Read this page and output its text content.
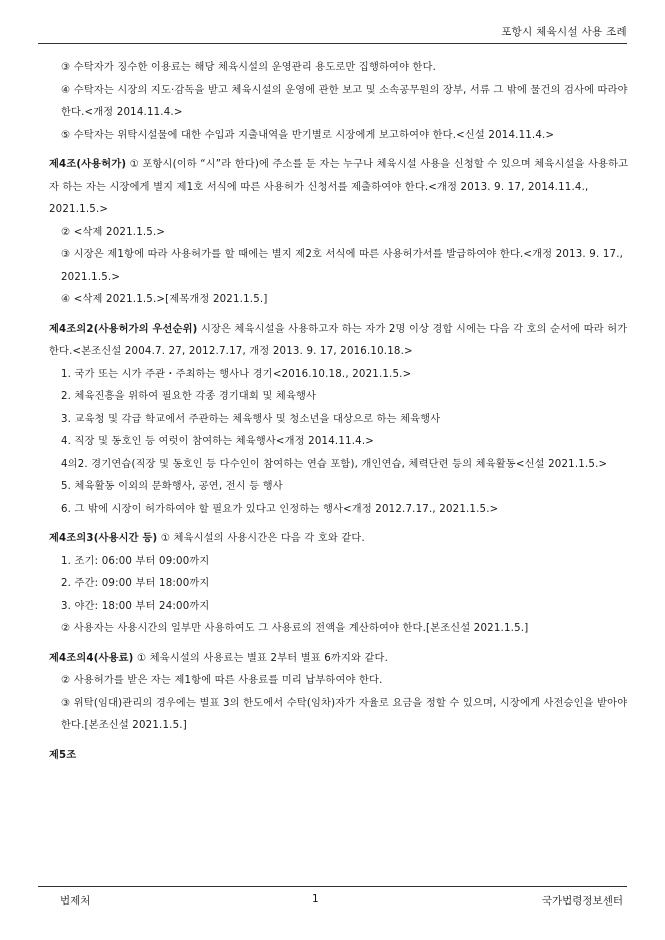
포항시 체육시설 사용 조례

③ 수탁자가 징수한 이용료는 해당 체육시설의 운영관리 용도로만 집행하여야 한다.

④ 수탁자는 시장의 지도·감독을 받고 체육시설의 운영에 관한 보고 및 소속공무원의 장부, 서류 그 밖에 물건의 검사에 따라야 한다.<개정 2014.11.4.>

⑤ 수탁자는 위탁시설물에 대한 수입과 지출내역을 반기별로 시장에게 보고하여야 한다.<신설 2014.11.4.>

제4조(사용허가) ① 포항시(이하 “시”라 한다)에 주소를 둔 자는 누구나 체육시설 사용을 신청할 수 있으며 체육시설을 사용하고자 하는 자는 시장에게 별지 제1호 서식에 따른 사용허가 신청서를 제출하여야 한다.<개정 2013. 9. 17, 2014.11.4., 2021.1.5.>

② <삭제 2021.1.5.>

③ 시장은 제1항에 따라 사용허가를 할 때에는 별지 제2호 서식에 따른 사용허가서를 발급하여야 한다.<개정 2013. 9. 17., 2021.1.5.>

④ <삭제 2021.1.5.>[제목개정 2021.1.5.]

제4조의2(사용허가의 우선순위) 시장은 체육시설을 사용하고자 하는 자가 2명 이상 경합 시에는 다음 각 호의 순서에 따라 허가한다.<본조신설 2004.7. 27, 2012.7.17, 개정 2013. 9. 17, 2016.10.18.>

1. 국가 또는 시가 주관・주최하는 행사나 경기<2016.10.18., 2021.1.5.>

2. 체육진흥을 위하여 필요한 각종 경기대회 및 체육행사

3. 교육청 및 각급 학교에서 주관하는 체육행사 및 청소년을 대상으로 하는 체육행사

4. 직장 및 동호인 등 여럿이 참여하는 체육행사<개정 2014.11.4.>

4의2. 경기연습(직장 및 동호인 등 다수인이 참여하는 연습 포함), 개인연습, 체력단련 등의 체육활동<신설 2021.1.5.>

5. 체육활동 이외의 문화행사, 공연, 전시 등 행사

6. 그 밖에 시장이 허가하여야 할 필요가 있다고 인정하는 행사<개정 2012.7.17., 2021.1.5.>

제4조의3(사용시간 등) ① 체육시설의 사용시간은 다음 각 호와 같다.

1. 조기: 06:00 부터 09:00까지

2. 주간: 09:00 부터 18:00까지

3. 야간: 18:00 부터 24:00까지

② 사용자는 사용시간의 일부만 사용하여도 그 사용료의 전액을 계산하여야 한다.[본조신설 2021.1.5.]

제4조의4(사용료) ① 체육시설의 사용료는 별표 2부터 별표 6까지와 같다.

② 사용허가를 받은 자는 제1항에 따른 사용료를 미리 납부하여야 한다.

③ 위탁(임대)관리의 경우에는 별표 3의 한도에서 수탁(임차)자가 자율로 요금을 정할 수 있으며, 시장에게 사전승인을 받아야 한다.[본조신설 2021.1.5.]

제5조

법제처	1	국가법령정보센터
